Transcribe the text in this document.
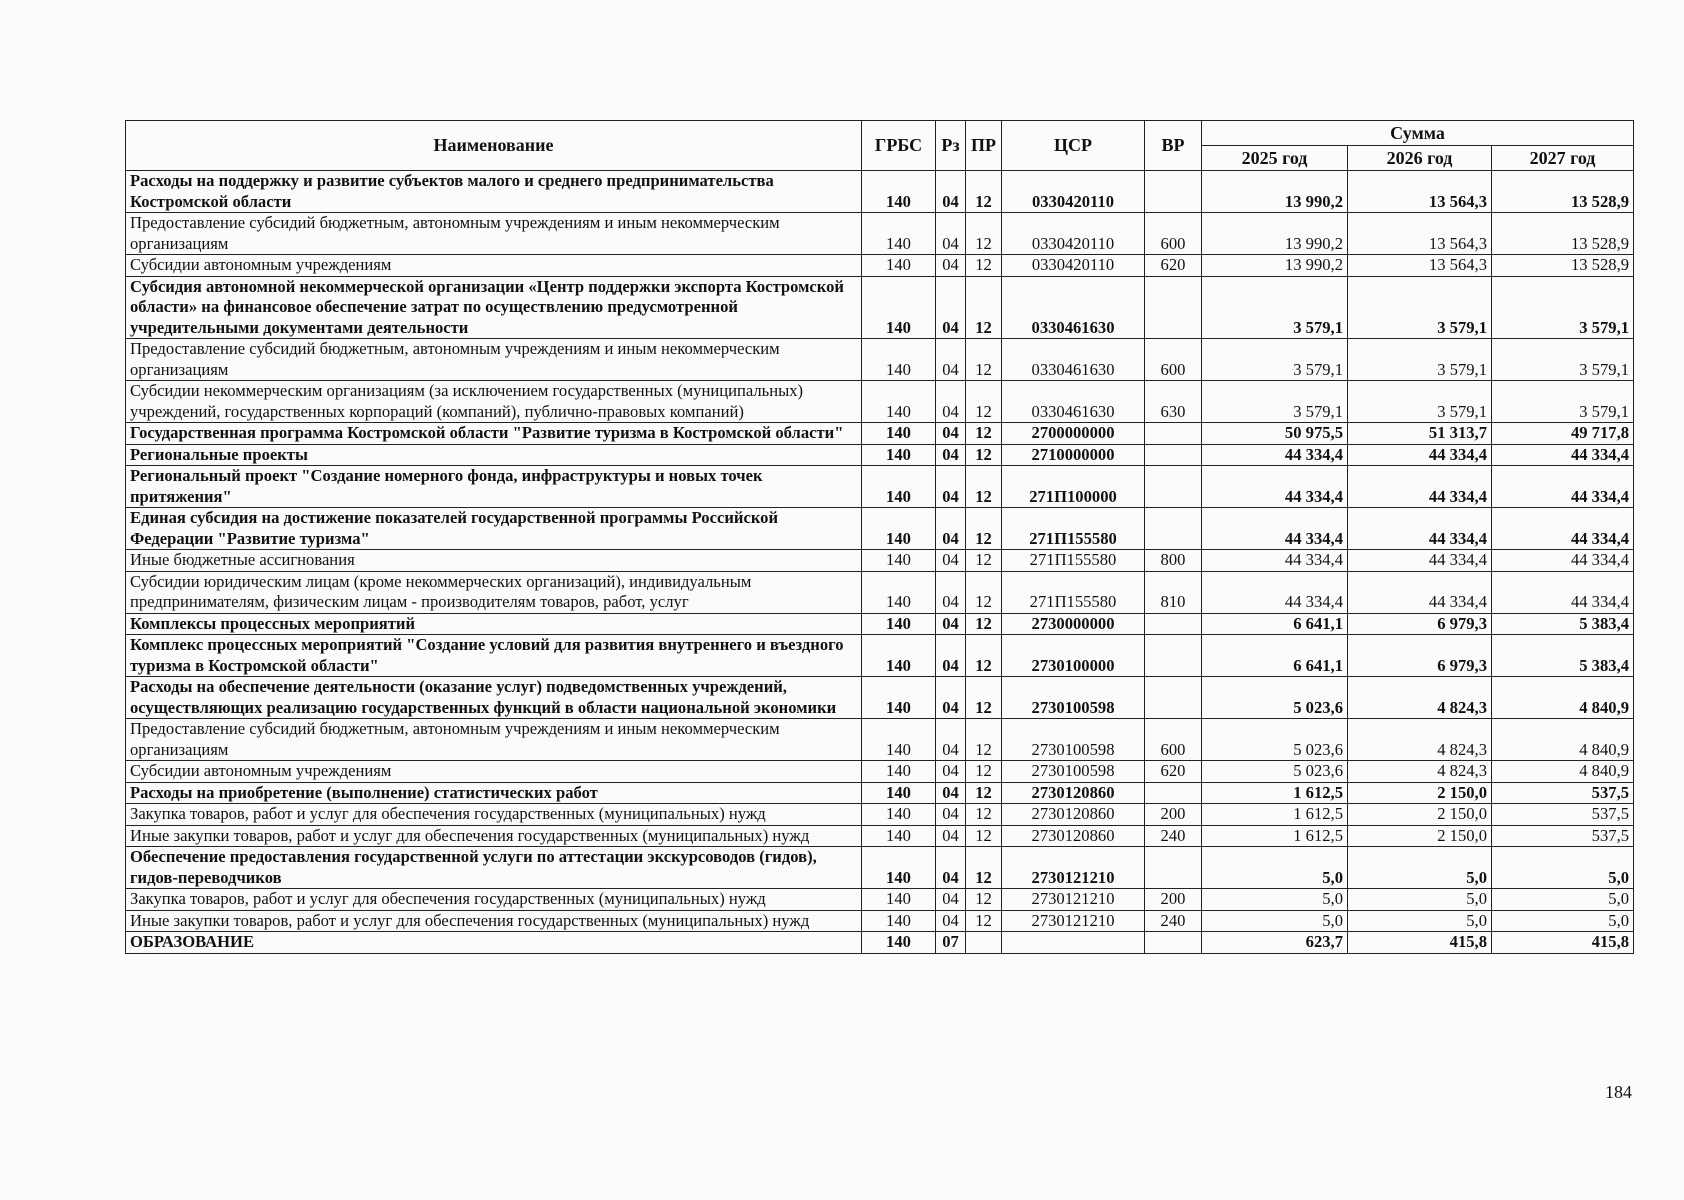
Наименование	ГРБС	Рз	ПР	ЦСР	ВР	Сумма		
						2025 год	2026 год	2027 год
Расходы на поддержку и развитие субъектов малого и среднего предпринимательства Костромской области	140	04	12	0330420110		13 990,2	13 564,3	13 528,9
Предоставление субсидий бюджетным, автономным учреждениям и иным некоммерческим организациям	140	04	12	0330420110	600	13 990,2	13 564,3	13 528,9
Субсидии автономным учреждениям	140	04	12	0330420110	620	13 990,2	13 564,3	13 528,9
Субсидия автономной некоммерческой организации «Центр поддержки экспорта Костромской области» на финансовое обеспечение затрат по осуществлению предусмотренной учредительными документами деятельности	140	04	12	0330461630		3 579,1	3 579,1	3 579,1
Предоставление субсидий бюджетным, автономным учреждениям и иным некоммерческим организациям	140	04	12	0330461630	600	3 579,1	3 579,1	3 579,1
Субсидии некоммерческим организациям (за исключением государственных (муниципальных) учреждений, государственных корпораций (компаний), публично-правовых компаний)	140	04	12	0330461630	630	3 579,1	3 579,1	3 579,1
Государственная программа Костромской области "Развитие туризма в Костромской области"	140	04	12	2700000000		50 975,5	51 313,7	49 717,8
Региональные проекты	140	04	12	2710000000		44 334,4	44 334,4	44 334,4
Региональный проект "Создание номерного фонда, инфраструктуры и новых точек притяжения"	140	04	12	271П100000		44 334,4	44 334,4	44 334,4
Единая субсидия на достижение показателей государственной программы Российской Федерации "Развитие туризма"	140	04	12	271П155580		44 334,4	44 334,4	44 334,4
Иные бюджетные ассигнования	140	04	12	271П155580	800	44 334,4	44 334,4	44 334,4
Субсидии юридическим лицам (кроме некоммерческих организаций), индивидуальным предпринимателям, физическим лицам - производителям товаров, работ, услуг	140	04	12	271П155580	810	44 334,4	44 334,4	44 334,4
Комплексы процессных мероприятий	140	04	12	2730000000		6 641,1	6 979,3	5 383,4
Комплекс процессных мероприятий "Создание условий для развития внутреннего и въездного туризма в Костромской области"	140	04	12	2730100000		6 641,1	6 979,3	5 383,4
Расходы на обеспечение деятельности (оказание услуг) подведомственных учреждений, осуществляющих реализацию государственных функций в области национальной экономики	140	04	12	2730100598		5 023,6	4 824,3	4 840,9
Предоставление субсидий бюджетным, автономным учреждениям и иным некоммерческим организациям	140	04	12	2730100598	600	5 023,6	4 824,3	4 840,9
Субсидии автономным учреждениям	140	04	12	2730100598	620	5 023,6	4 824,3	4 840,9
Расходы на приобретение (выполнение) статистических работ	140	04	12	2730120860		1 612,5	2 150,0	537,5
Закупка товаров, работ и услуг для обеспечения государственных (муниципальных) нужд	140	04	12	2730120860	200	1 612,5	2 150,0	537,5
Иные закупки товаров, работ и услуг для обеспечения государственных (муниципальных) нужд	140	04	12	2730120860	240	1 612,5	2 150,0	537,5
Обеспечение предоставления государственной услуги по аттестации экскурсоводов (гидов), гидов-переводчиков	140	04	12	2730121210		5,0	5,0	5,0
Закупка товаров, работ и услуг для обеспечения государственных (муниципальных) нужд	140	04	12	2730121210	200	5,0	5,0	5,0
Иные закупки товаров, работ и услуг для обеспечения государственных (муниципальных) нужд	140	04	12	2730121210	240	5,0	5,0	5,0
ОБРАЗОВАНИЕ	140	07				623,7	415,8	415,8
184
